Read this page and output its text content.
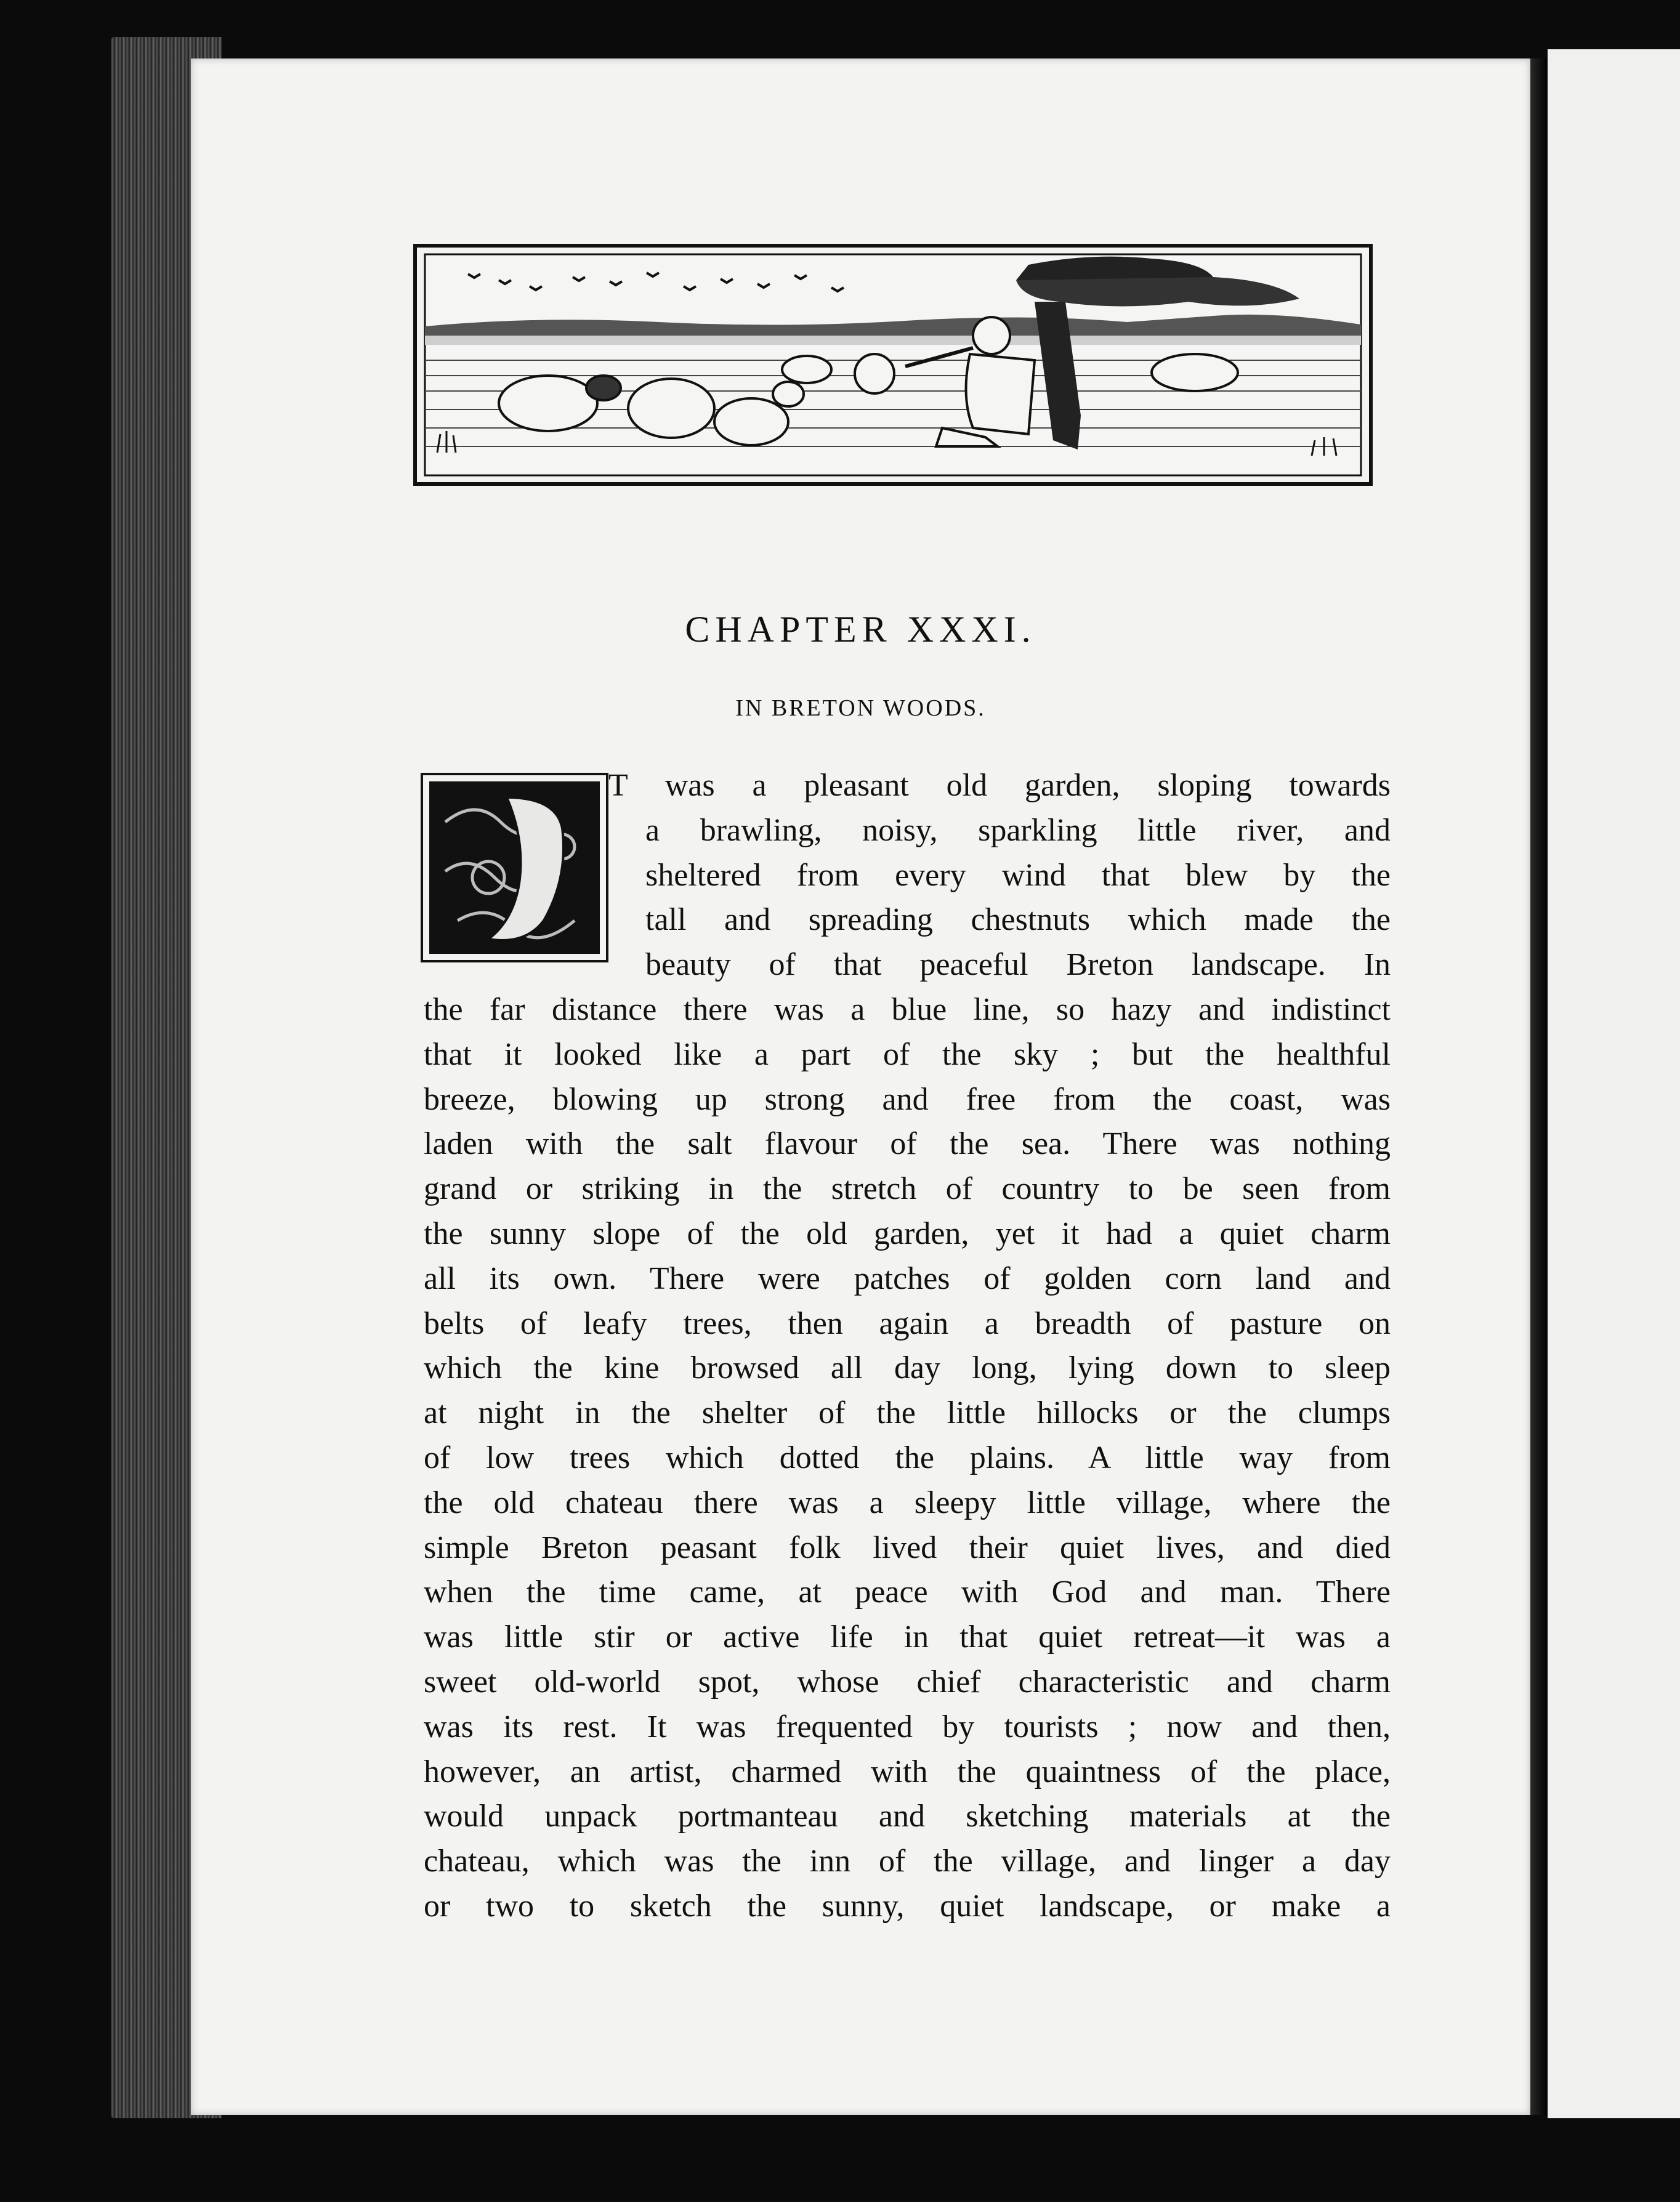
CHAPTER XXXI.
IN BRETON WOODS.
T was a pleasant old garden, sloping towards
a brawling, noisy, sparkling little river, and
sheltered from every wind that blew by the
tall and spreading chestnuts which made the
beauty of that peaceful Breton landscape. In
the far distance there was a blue line, so hazy and indistinct
that it looked like a part of the sky ; but the healthful
breeze, blowing up strong and free from the coast, was
laden with the salt flavour of the sea. There was nothing
grand or striking in the stretch of country to be seen from
the sunny slope of the old garden, yet it had a quiet charm
all its own. There were patches of golden corn land and
belts of leafy trees, then again a breadth of pasture on
which the kine browsed all day long, lying down to sleep
at night in the shelter of the little hillocks or the clumps
of low trees which dotted the plains. A little way from
the old chateau there was a sleepy little village, where the
simple Breton peasant folk lived their quiet lives, and died
when the time came, at peace with God and man. There
was little stir or active life in that quiet retreat—it was a
sweet old-world spot, whose chief characteristic and charm
was its rest. It was frequented by tourists ; now and then,
however, an artist, charmed with the quaintness of the place,
would unpack portmanteau and sketching materials at the
chateau, which was the inn of the village, and linger a day
or two to sketch the sunny, quiet landscape, or make a
